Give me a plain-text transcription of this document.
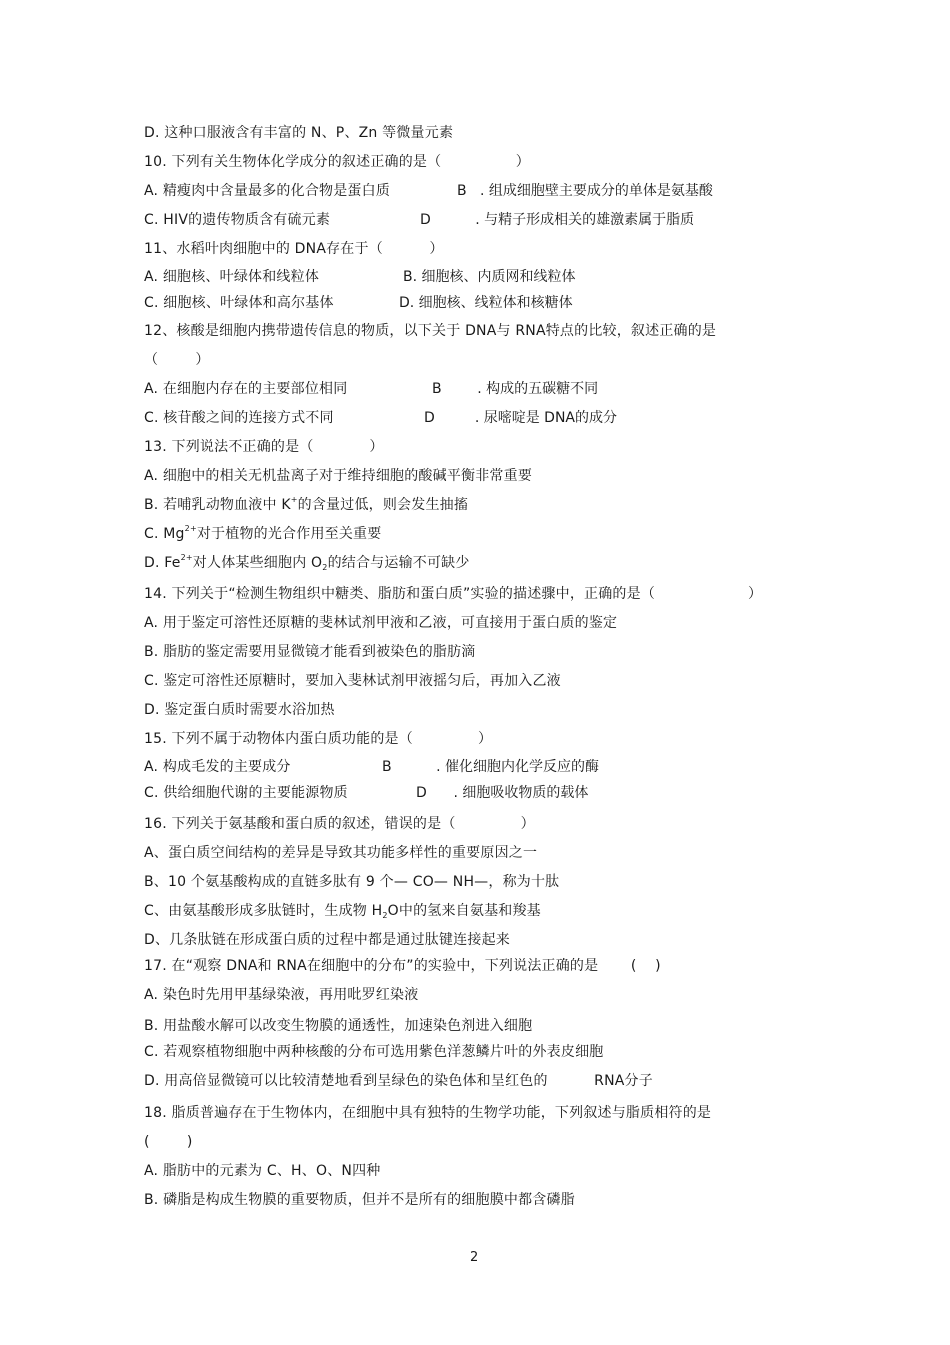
D. 这种口服液含有丰富的 N、P、Zn 等微量元素
10. 下列有关生物体化学成分的叙述正确的是（                ）
A. 精瘦肉中含量最多的化合物是蛋白质	B   . 组成细胞壁主要成分的单体是氨基酸
C. HIV的遗传物质含有硫元素	D          . 与精子形成相关的雄激素属于脂质
11、水稻叶肉细胞中的 DNA存在于（          ）
A. 细胞核、叶绿体和线粒体	B. 细胞核、内质网和线粒体
C. 细胞核、叶绿体和高尔基体	D. 细胞核、线粒体和核糖体
12、核酸是细胞内携带遗传信息的物质，以下关于 DNA与 RNA特点的比较，叙述正确的是
（        ）
A. 在细胞内存在的主要部位相同	B        . 构成的五碳糖不同
C. 核苷酸之间的连接方式不同	D         . 尿嘧啶是 DNA的成分
13. 下列说法不正确的是（            ）
A. 细胞中的相关无机盐离子对于维持细胞的酸碱平衡非常重要
B. 若哺乳动物血液中 K+的含量过低，则会发生抽搐
C. $Mg^{2+}$对于植物的光合作用至关重要
D. $Fe^{2+}$对人体某些细胞内 $O_2$的结合与运输不可缺少
14. 下列关于“检测生物组织中糖类、脂肪和蛋白质”实验的描述骤中，正确的是（                    ）
A. 用于鉴定可溶性还原糖的斐林试剂甲液和乙液，可直接用于蛋白质的鉴定
B. 脂肪的鉴定需要用显微镜才能看到被染色的脂肪滴
C. 鉴定可溶性还原糖时，要加入斐林试剂甲液摇匀后，再加入乙液
D. 鉴定蛋白质时需要水浴加热
15. 下列不属于动物体内蛋白质功能的是（              ）
A. 构成毛发的主要成分	B          . 催化细胞内化学反应的酶
C. 供给细胞代谢的主要能源物质	D      . 细胞吸收物质的载体
16. 下列关于氨基酸和蛋白质的叙述，错误的是（              ）
A、蛋白质空间结构的差异是导致其功能多样性的重要原因之一
B、10 个氨基酸构成的直链多肽有 9 个— CO— NH—，称为十肽
C、由氨基酸形成多肽链时，生成物 $H_2O$中的氢来自氨基和羧基
D、几条肽链在形成蛋白质的过程中都是通过肽键连接起来
17. 在“观察 DNA和 RNA在细胞中的分布”的实验中，下列说法正确的是       (    )
A. 染色时先用甲基绿染液，再用吡罗红染液
B. 用盐酸水解可以改变生物膜的通透性，加速染色剂进入细胞
C. 若观察植物细胞中两种核酸的分布可选用紫色洋葱鳞片叶的外表皮细胞
D. 用高倍显微镜可以比较清楚地看到呈绿色的染色体和呈红色的          RNA分子
18. 脂质普遍存在于生物体内，在细胞中具有独特的生物学功能，下列叙述与脂质相符的是
(        )
A. 脂肪中的元素为 C、H、O、N四种
B. 磷脂是构成生物膜的重要物质，但并不是所有的细胞膜中都含磷脂
2
